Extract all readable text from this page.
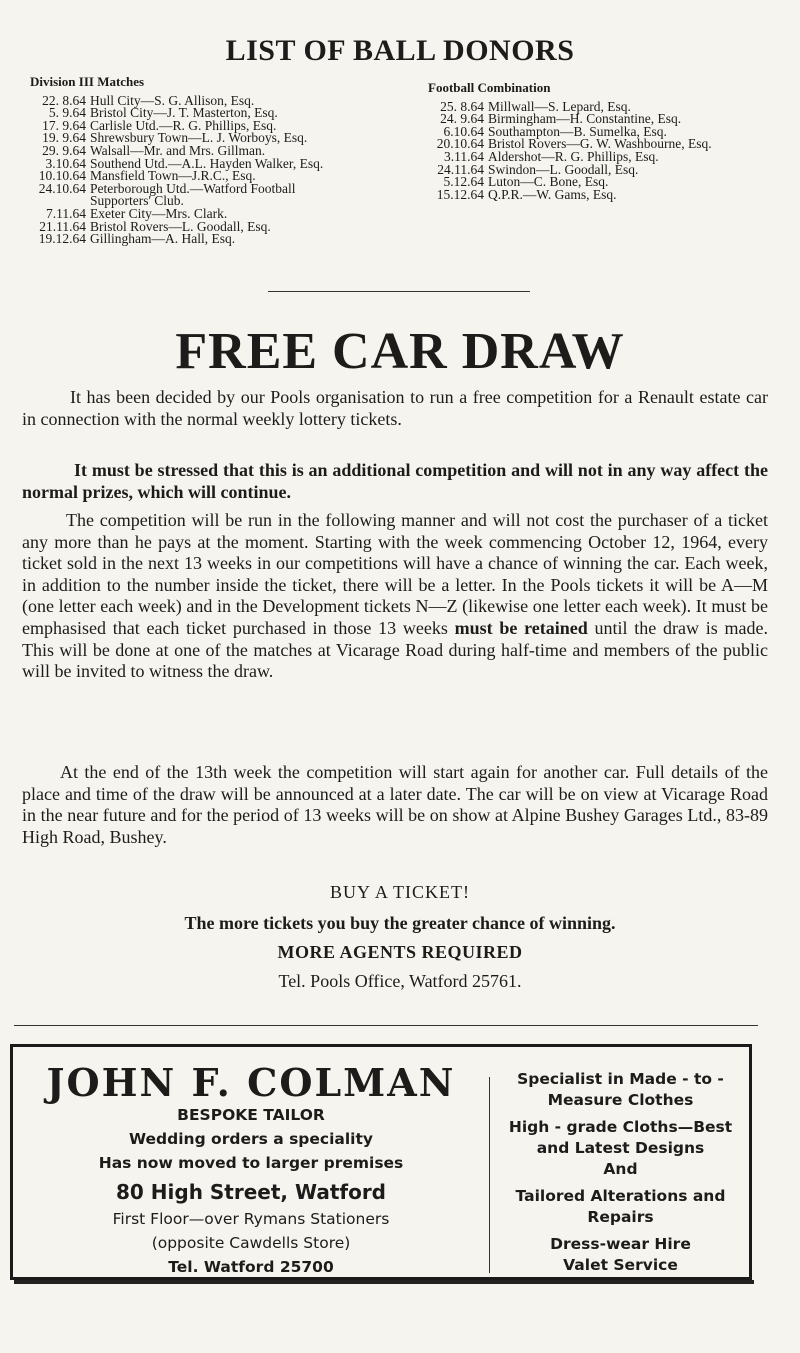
LIST OF BALL DONORS
Division III Matches
22. 8.64 Hull City—S. G. Allison, Esq.
5. 9.64 Bristol City—J. T. Masterton, Esq.
17. 9.64 Carlisle Utd.—R. G. Phillips, Esq.
19. 9.64 Shrewsbury Town—L. J. Worboys, Esq.
29. 9.64 Walsall—Mr. and Mrs. Gillman.
3.10.64 Southend Utd.—A.L. Hayden Walker, Esq.
10.10.64 Mansfield Town—J.R.C., Esq.
24.10.64 Peterborough Utd.—Watford Football
Supporters' Club.
7.11.64 Exeter City—Mrs. Clark.
21.11.64 Bristol Rovers—L. Goodall, Esq.
19.12.64 Gillingham—A. Hall, Esq.
Football Combination
25. 8.64 Millwall—S. Lepard, Esq.
24. 9.64 Birmingham—H. Constantine, Esq.
6.10.64 Southampton—B. Sumelka, Esq.
20.10.64 Bristol Rovers—G. W. Washbourne, Esq.
3.11.64 Aldershot—R. G. Phillips, Esq.
24.11.64 Swindon—L. Goodall, Esq.
5.12.64 Luton—C. Bone, Esq.
15.12.64 Q.P.R.—W. Gams, Esq.
FREE CAR DRAW

It has been decided by our Pools organisation to run a free competition for a Renault estate car in connection with the normal weekly lottery tickets.

It must be stressed that this is an additional competition and will not in any way affect the normal prizes, which will continue.

The competition will be run in the following manner and will not cost the purchaser of a ticket any more than he pays at the moment. Starting with the week commencing October 12, 1964, every ticket sold in the next 13 weeks in our competitions will have a chance of winning the car. Each week, in addition to the number inside the ticket, there will be a letter. In the Pools tickets it will be A—M (one letter each week) and in the Development tickets N—Z (likewise one letter each week). It must be emphasised that each ticket purchased in those 13 weeks must be retained until the draw is made. This will be done at one of the matches at Vicarage Road during half-time and members of the public will be invited to witness the draw.

At the end of the 13th week the competition will start again for another car. Full details of the place and time of the draw will be announced at a later date. The car will be on view at Vicarage Road in the near future and for the period of 13 weeks will be on show at Alpine Bushey Garages Ltd., 83-89 High Road, Bushey.

BUY A TICKET!

The more tickets you buy the greater chance of winning.

MORE AGENTS REQUIRED

Tel. Pools Office, Watford 25761.

JOHN F. COLMAN
BESPOKE TAILOR
Wedding orders a speciality
Has now moved to larger premises
80 High Street, Watford
First Floor—over Rymans Stationers
(opposite Cawdells Store)
Tel. Watford 25700
Specialist in Made - to -
Measure Clothes
High - grade Cloths—Best
and Latest Designs
And
Tailored Alterations and
Repairs
Dress-wear Hire
Valet Service
